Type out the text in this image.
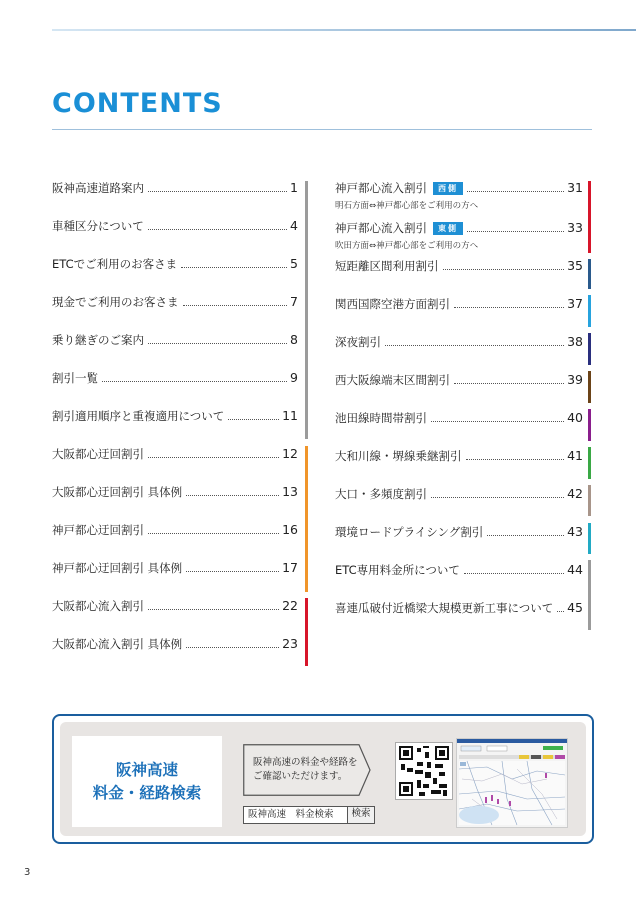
CONTENTS
阪神高速道路案内	1
車種区分について	4
ETCでご利用のお客さま	5
現金でご利用のお客さま	7
乗り継ぎのご案内	8
割引一覧	9
割引適用順序と重複適用について	11
大阪都心迂回割引	12
大阪都心迂回割引 具体例	13
神戸都心迂回割引	16
神戸都心迂回割引 具体例	17
大阪都心流入割引	22
大阪都心流入割引 具体例	23
神戸都心流入割引	西側	31
明石方面⇔神戸都心部をご利用の方へ
神戸都心流入割引	東側	33
吹田方面⇔神戸都心部をご利用の方へ
短距離区間利用割引	35
関西国際空港方面割引	37
深夜割引	38
西大阪線端末区間割引	39
池田線時間帯割引	40
大和川線・堺線乗継割引	41
大口・多頻度割引	42
環境ロードプライシング割引	43
ETC専用料金所について	44
喜連瓜破付近橋梁大規模更新工事について 45
阪神高速
料金・経路検索
阪神高速の料金や経路を
ご確認いただけます。
阪神高速　料金検索	検索
3
